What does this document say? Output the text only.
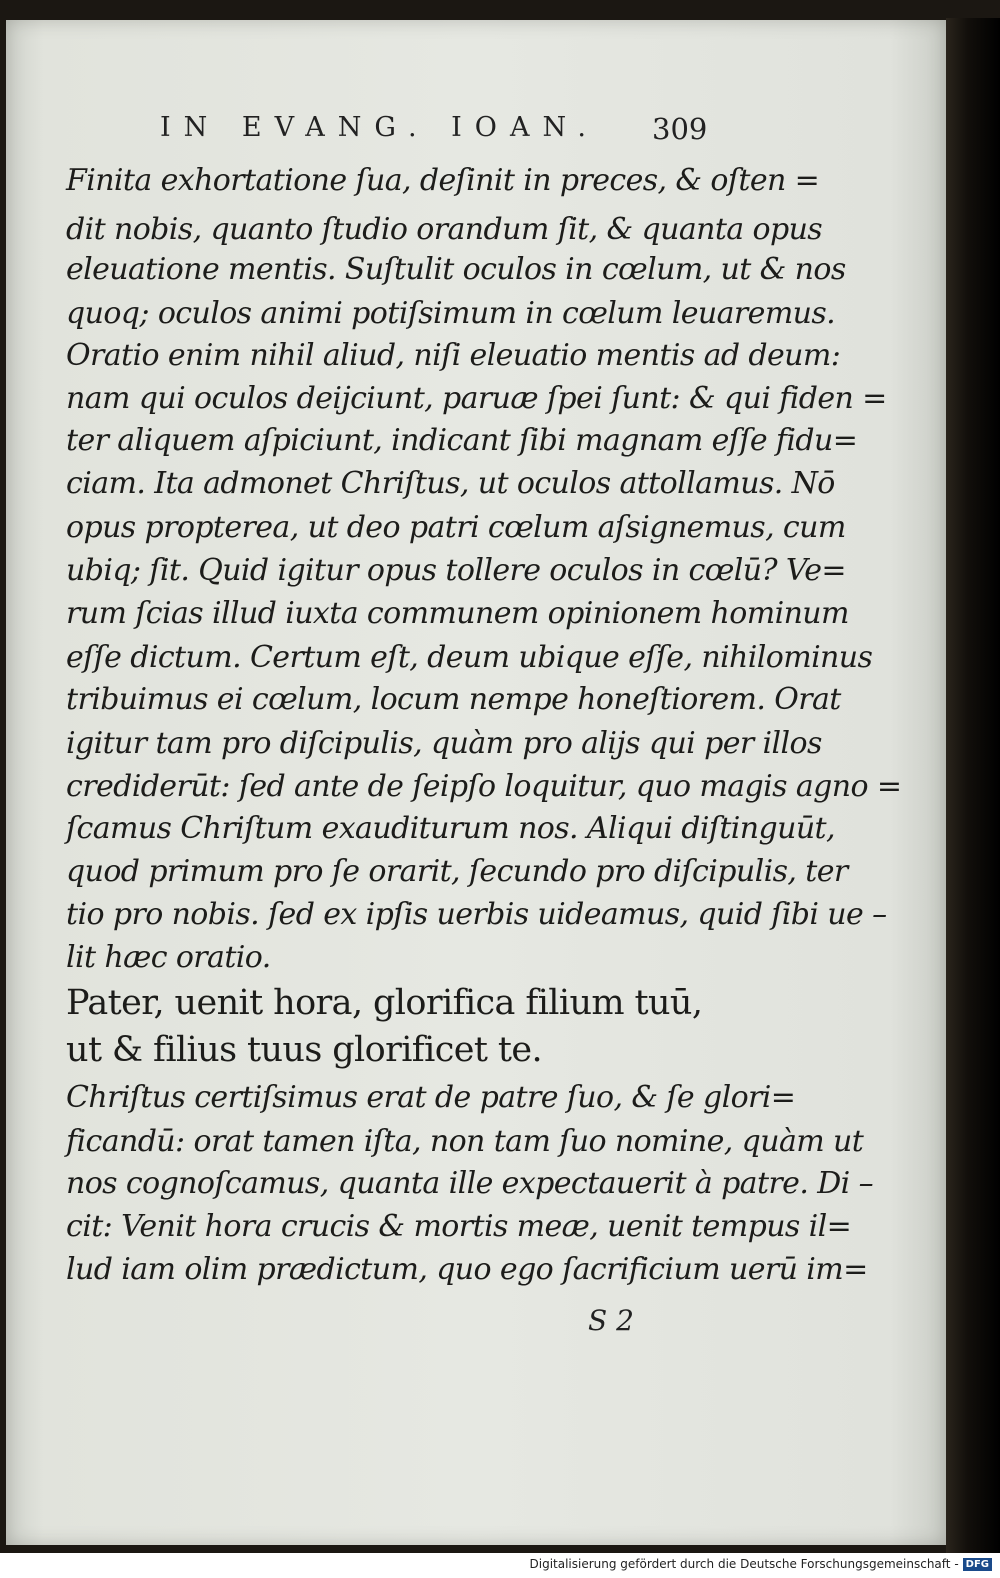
IN EVANG. IOAN. 309
Finita exhortatione ſua, deſinit in preces, & oſten =
dit nobis, quanto ſtudio orandum ſit, & quanta opus
eleuatione mentis. Suſtulit oculos in cœlum, ut & nos
quoq; oculos animi potiſsimum in cœlum leuaremus.
Oratio enim nihil aliud, niſi eleuatio mentis ad deum:
nam qui oculos deijciunt, paruæ ſpei ſunt: & qui fiden =
ter aliquem aſpiciunt, indicant ſibi magnam eſſe fidu=
ciam. Ita admonet Chriſtus, ut oculos attollamus. Nō
opus propterea, ut deo patri cœlum aſsignemus, cum
ubiq; ſit. Quid igitur opus tollere oculos in cœlū? Ve=
rum ſcias illud iuxta communem opinionem hominum
eſſe dictum. Certum eſt, deum ubique eſſe, nihilominus
tribuimus ei cœlum, locum nempe honeſtiorem. Orat
igitur tam pro diſcipulis, quàm pro alijs qui per illos
crediderūt: ſed ante de ſeipſo loquitur, quo magis agno =
ſcamus Chriſtum exauditurum nos. Aliqui diſtinguūt,
quod primum pro ſe orarit, ſecundo pro diſcipulis, ter
tio pro nobis. ſed ex ipſis uerbis uideamus, quid ſibi ue –
lit hæc oratio.
Pater, uenit hora, glorifica filium tuū,
ut & filius tuus glorificet te.
Chriſtus certiſsimus erat de patre ſuo, & ſe glori=
ficandū: orat tamen iſta, non tam ſuo nomine, quàm ut
nos cognoſcamus, quanta ille expectauerit à patre. Di –
cit: Venit hora crucis & mortis meæ, uenit tempus il=
lud iam olim prædictum, quo ego ſacrificium uerū im=
S 2
Digitalisierung gefördert durch die Deutsche Forschungsgemeinschaft - DFG
